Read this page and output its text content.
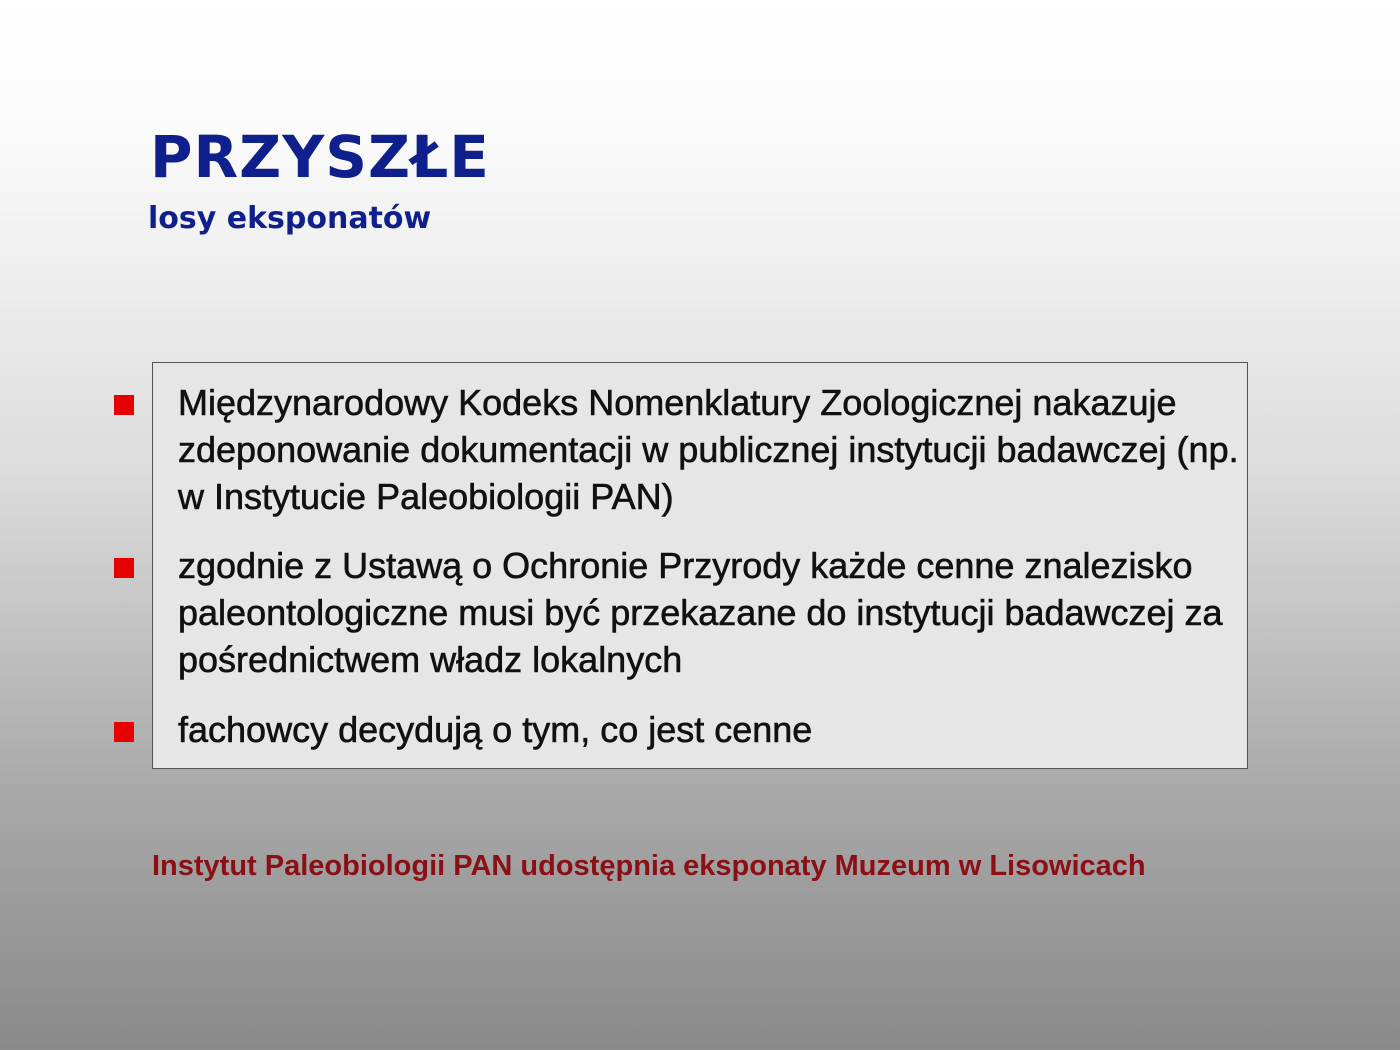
PRZYSZŁE
losy eksponatów

Międzynarodowy Kodeks Nomenklatury Zoologicznej nakazuje zdeponowanie dokumentacji w publicznej instytucji badawczej (np. w Instytucie Paleobiologii PAN)

zgodnie z Ustawą o Ochronie Przyrody każde cenne znalezisko paleontologiczne musi być przekazane do instytucji badawczej za pośrednictwem władz lokalnych

fachowcy decydują o tym, co jest cenne

Instytut Paleobiologii PAN udostępnia eksponaty Muzeum w Lisowicach
